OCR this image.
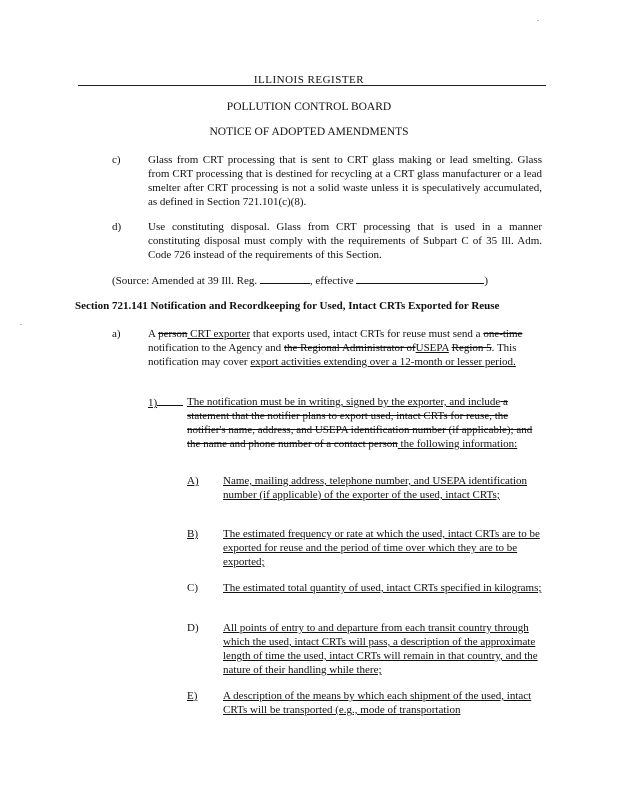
.
ILLINOIS REGISTER
POLLUTION CONTROL BOARD
NOTICE OF ADOPTED AMENDMENTS
c) Glass from CRT processing that is sent to CRT glass making or lead smelting. Glass from CRT processing that is destined for recycling at a CRT glass manufacturer or a lead smelter after CRT processing is not a solid waste unless it is speculatively accumulated, as defined in Section 721.101(c)(8).
d) Use constituting disposal. Glass from CRT processing that is used in a manner constituting disposal must comply with the requirements of Subpart C of 35 Ill. Adm. Code 726 instead of the requirements of this Section.
(Source: Amended at 39 Ill. Reg.	, effective	)
Section 721.141 Notification and Recordkeeping for Used, Intact CRTs Exported for Reuse
a) A person CRT exporter that exports used, intact CRTs for reuse must send a one-time notification to the Agency and the Regional Administrator ofUSEPA Region 5. This notification may cover export activities extending over a 12-month or lesser period.
1)	The notification must be in writing, signed by the exporter, and include a statement that the notifier plans to export used, intact CRTs for reuse, the notifier's name, address, and USEPA identification number (if applicable); and the name and phone number of a contact person the following information:
A) Name, mailing address, telephone number, and USEPA identification number (if applicable) of the exporter of the used, intact CRTs;
B) The estimated frequency or rate at which the used, intact CRTs are to be exported for reuse and the period of time over which they are to be exported;
C) The estimated total quantity of used, intact CRTs specified in kilograms;
D) All points of entry to and departure from each transit country through which the used, intact CRTs will pass, a description of the approximate length of time the used, intact CRTs will remain in that country, and the nature of their handling while there;
E) A description of the means by which each shipment of the used, intact CRTs will be transported (e.g., mode of transportation
.
